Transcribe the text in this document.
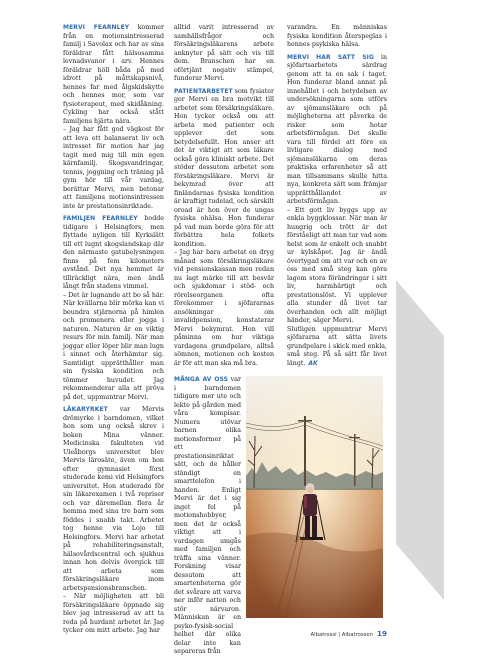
MERVI FEARNLEY kommer från en motionsintresserad familj i Savolax och har av sina föräldrar fått hälsosamma levnadsvanor i arv. Hennes föräldrar höll båda på med idrott på måttskapsnivå, hennes far med ålgskidskytte och hennes mor, som var fysioterapeut, med skidåkning. Cykling har också stått familjens hjärta nära.

– Jag har fått god vägkost för att leva ett balanserat liv och intresset för motion har jag tagit med mig till min egen kärnfamilj. Skogsvandringar, tennis, joggning och träning på gym hör till vår vardag, berättar Mervi, men betonar att familjens motionsintressen inte är prestationsinriktade.

FAMILJEN FEARNLEY bodde tidigare i Helsingfors, men flyttade nyligen till Kyrkslätt till ett lugnt skogslandskap där den närmaste gatubelysningen finns på fem kilometers avstånd. Det nya hemmet är tillräckligt nära, men ändå långt från stadens vimmel.

– Det är lugnande att bo så här. När kvällarna blir mörka kan vi beundra stjärnorna på himlen och promenera eller jogga i naturen. Naturen är en viktig resurs för min familj. När man joggar eller löper blir man lugn i sinnet och återhämtar sig. Samtidigt upprätthåller man sin fysiska kondition och tömmer huvudet. Jag rekommenderar alla att pröva på det, uppmuntrar Mervi.

LÄKARYRKET var Mervis drömyrke i barndomen, vilket hon som ung också skrev i boken Mina vänner. Medicinska fakulteten vid Uleåborgs universitet blev Mervis lärosäte, även om hon efter gymnasiet först studerade kemi vid Helsingfors universitet. Hon studerade för sin läkarexamen i två repriser och var däremellan flera år hemma med sina tre barn som föddes i snabb takt. Arbetet tog henne via Lojo till Helsingfors. Mervi har arbetat på rehabiliteringsanstalt, hälsovårdscentral och sjukhus innan hon delvis övergick till att arbeta som försäkringsläkare inom arbetspensionsbranschen.

– När möjligheten att bli försäkringsläkare öppnade sig blev jag intresserad av att ta reda på hurdant arbetet är. Jag tycker om mitt arbete. Jag har

alltid varit intresserad av samhällsfrågor och försäkringsläkarens arbete anknyter på sätt och vis till dem. Branschen har en oförtjänt negativ stämpel, funderar Mervi.

PATIENTARBETET som fysiater ger Mervi en bra motvikt till arbetet som försäkringsläkare. Hon tycker också om att arbeta med patienter och upplever det som betydelsefullt. Hon anser att det är viktigt att som läkare också göra kliniskt arbete. Det stöder dessutom arbetet som försäkringsläkare. Mervi är bekymrad över att finländarnas fysiska kondition är kraftigt tudelad, och särskilt oroad är hon över de ungas fysiska ohälsa. Hon funderar på vad man borde göra för att förbättra hela folkets kondition.

– Jag har bara arbetat en dryg månad som försäkringsläkare vid pensionskassan men redan nu lagt märke till att besvär och sjukdomar i stöd- och rörelseorganen ofta förekommer i sjöfararnas ansökningar om invalidpension, konstaterar Mervi bekymrat. Hon vill påminna om hur viktiga vardagens grundpelare, alltså sömnen, motionen och kosten är för att man ska må bra.

MÅNGA AV OSS var i barndomen tidigare mer ute och lekte på gården med våra kompisar. Numera utövar barnen olika motionsformer på ett prestationsinriktat sätt, och de håller ständigt en smarttelefon i handen. Enligt Mervi är det i sig inget fel på motionshobbyer, men det är också viktigt att i vardagen umgås med familjen och träffa sina vänner. Forskning visar dessutom att smartenheterna gör det svårare att varva ner inför natten och stör närvaron. Människan är en psyko-fysisk-social helhet där olika delar inte kan separeras från

varandra. En människas fysiska kondition återspeglas i hennes psykiska hälsa.

MERVI HAR SATT SIG in sjöfartsarbetets särdrag genom att ta en sak i taget. Hon funderar bland annat på innehållet i och betydelsen av undersökningarna som utförs av sjömansläkare och på möjligheterna att påverka de risker som hotar arbetsförmågan. Det skulle vara till fördel att före en livligare dialog med sjömansläkarna om deras praktiska erfarenheter så att man tillsammans skulle hitta nya, konkreta sätt som främjar upprätthållandet av arbetsförmågan.

– Ett gott liv byggs upp av enkla byggklossar. När man är hungrig och trött är det förståeligt att man tar vad som helst som är enkelt och snabbt ur kylskåpet. Jag är ändå övertygad om att var och en av oss med små steg kan göra lagom stora förändringar i sitt liv, barmhärtigt och prestationslöst. Vi upplever alla stunder då livet tar överhanden och allt möjligt händer, säger Mervi.

Slutligen uppmuntrar Mervi sjöfararna att sätta livets grundpelare i skick med enkla, små steg. På så sätt får livet längt. AK

Albatrossi | Albatrossen 19
